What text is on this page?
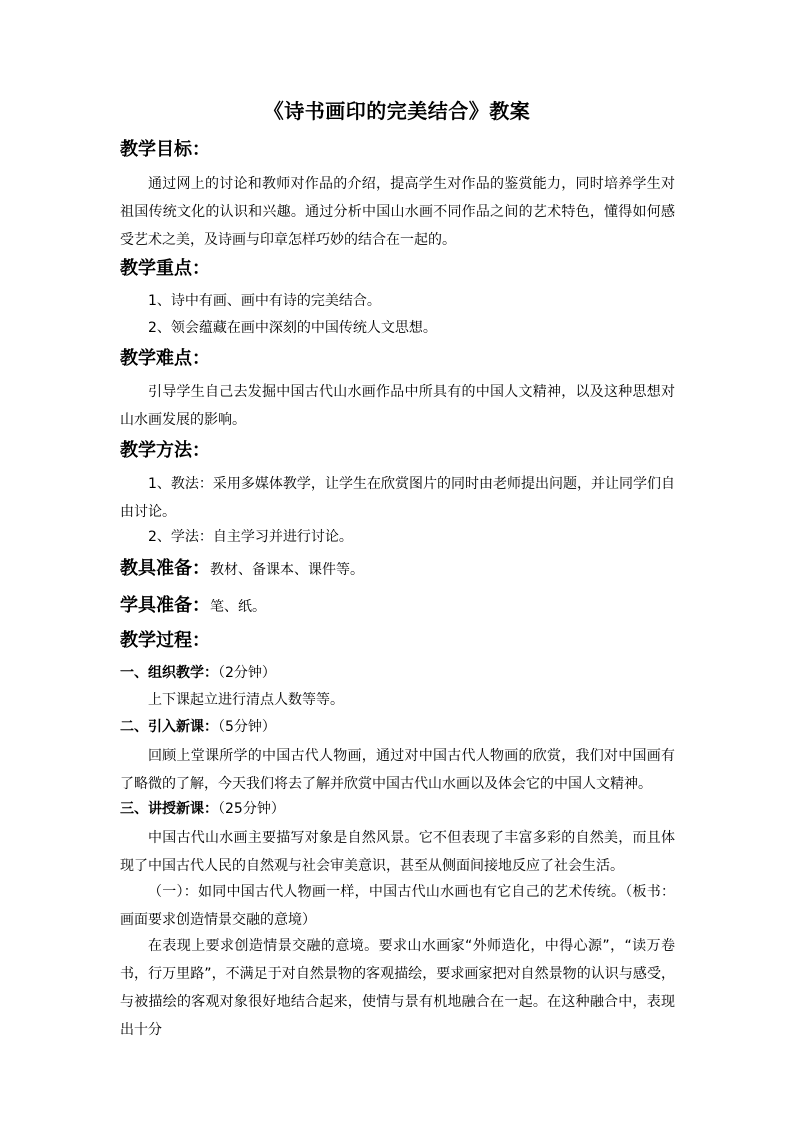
《诗书画印的完美结合》教案
教学目标：
通过网上的讨论和教师对作品的介绍，提高学生对作品的鉴赏能力，同时培养学生对祖国传统文化的认识和兴趣。通过分析中国山水画不同作品之间的艺术特色，懂得如何感受艺术之美，及诗画与印章怎样巧妙的结合在一起的。
教学重点：
1、诗中有画、画中有诗的完美结合。
2、领会蕴藏在画中深刻的中国传统人文思想。
教学难点：
引导学生自己去发掘中国古代山水画作品中所具有的中国人文精神，以及这种思想对山水画发展的影响。
教学方法：
1、教法：采用多媒体教学，让学生在欣赏图片的同时由老师提出问题，并让同学们自由讨论。
2、学法：自主学习并进行讨论。
教具准备：教材、备课本、课件等。
学具准备：笔、纸。
教学过程：
一、组织教学：（2分钟）
上下课起立进行清点人数等等。
二、引入新课：（5分钟）
回顾上堂课所学的中国古代人物画，通过对中国古代人物画的欣赏，我们对中国画有了略微的了解，今天我们将去了解并欣赏中国古代山水画以及体会它的中国人文精神。
三、讲授新课：（25分钟）
中国古代山水画主要描写对象是自然风景。它不但表现了丰富多彩的自然美，而且体现了中国古代人民的自然观与社会审美意识，甚至从侧面间接地反应了社会生活。
（一）：如同中国古代人物画一样，中国古代山水画也有它自己的艺术传统。（板书：画面要求创造情景交融的意境）
在表现上要求创造情景交融的意境。要求山水画家“外师造化，中得心源”，“读万卷书，行万里路”，不满足于对自然景物的客观描绘，要求画家把对自然景物的认识与感受，与被描绘的客观对象很好地结合起来，使情与景有机地融合在一起。在这种融合中，表现出十分
